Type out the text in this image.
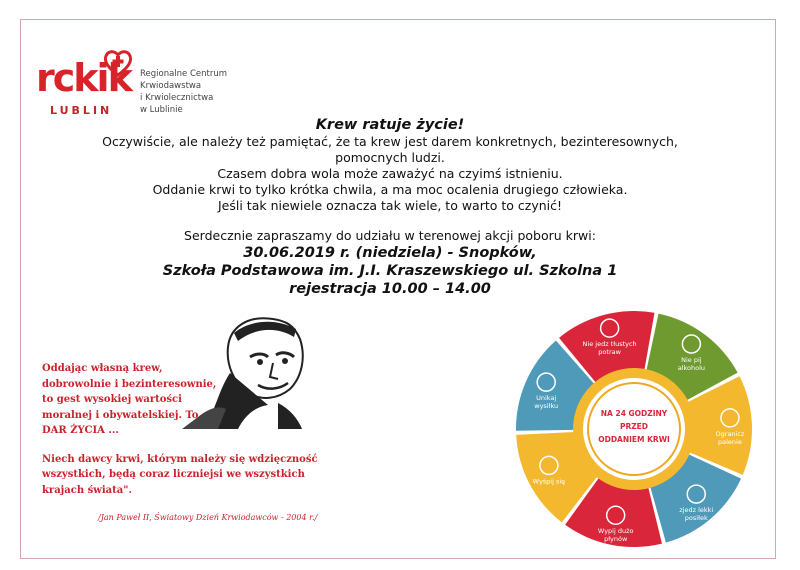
rckik
LUBLIN
Regionalne Centrum
Krwiodawstwa
i Krwiolecznictwa
w Lublinie
Krew ratuje życie!
Oczywiście, ale należy też pamiętać, że ta krew jest darem konkretnych, bezinteresownych, pomocnych ludzi.
Czasem dobra wola może zaważyć na czyimś istnieniu.
Oddanie krwi to tylko krótka chwila, a ma moc ocalenia drugiego człowieka.
Jeśli tak niewiele oznacza tak wiele, to warto to czynić!
Serdecznie zapraszamy do udziału w terenowej akcji poboru krwi:
30.06.2019 r. (niedziela) - Snopków,
Szkoła Podstawowa im. J.I. Kraszewskiego ul. Szkolna 1
rejestracja 10.00 – 14.00
Oddając własną krew, dobrowolnie i bezinteresownie, to gest wysokiej wartości moralnej i obywatelskiej. To DAR ŻYCIA ...
Niech dawcy krwi, którym należy się wdzięczność wszystkich, będą coraz liczniejsi we wszystkich krajach świata".
/Jan Paweł II, Światowy Dzień Krwiodawców - 2004 r./
Nie pij
alkoholu
Ogranicz
palenie
zjedz lekki
posiłek
Wypij dużo
płynów
Wyśpij się
Unikaj
wysiłku
Nie jedz tłustych
potraw
NA 24 GODZINY
PRZED
ODDANIEM KRWI
